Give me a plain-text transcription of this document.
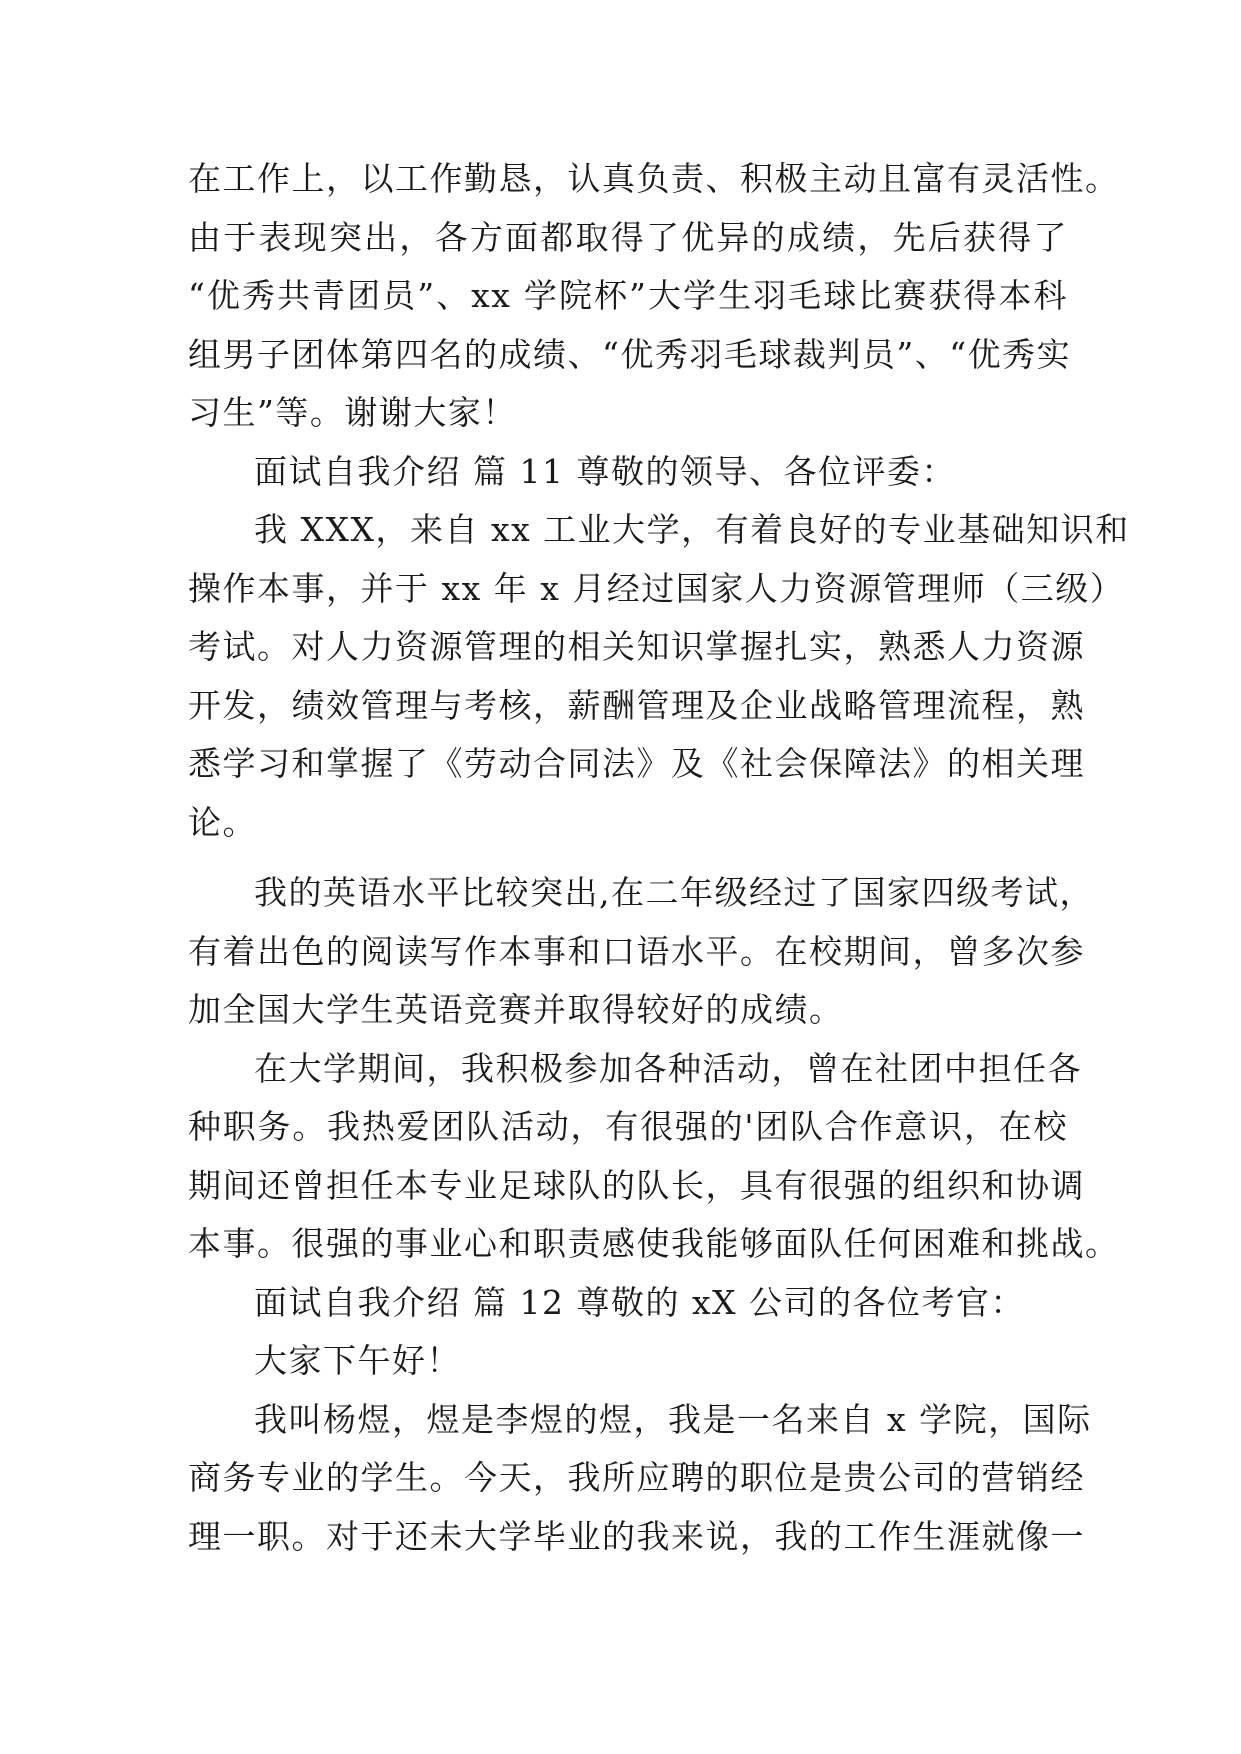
在工作上，以工作勤恳，认真负责、积极主动且富有灵活性。
由于表现突出，各方面都取得了优异的成绩，先后获得了
“优秀共青团员”、xx 学院杯”大学生羽毛球比赛获得本科
组男子团体第四名的成绩、“优秀羽毛球裁判员”、“优秀实
习生”等。谢谢大家！
面试自我介绍 篇 11 尊敬的领导、各位评委：
我 XXX，来自 xx 工业大学，有着良好的专业基础知识和
操作本事，并于 xx 年 x 月经过国家人力资源管理师（三级）
考试。对人力资源管理的相关知识掌握扎实，熟悉人力资源
开发，绩效管理与考核，薪酬管理及企业战略管理流程，熟
悉学习和掌握了《劳动合同法》及《社会保障法》的相关理
论。
我的英语水平比较突出,在二年级经过了国家四级考试，
有着出色的阅读写作本事和口语水平。在校期间，曾多次参
加全国大学生英语竞赛并取得较好的成绩。
在大学期间，我积极参加各种活动，曾在社团中担任各
种职务。我热爱团队活动，有很强的'团队合作意识，在校
期间还曾担任本专业足球队的队长，具有很强的组织和协调
本事。很强的事业心和职责感使我能够面队任何困难和挑战。
面试自我介绍 篇 12 尊敬的 xX 公司的各位考官：
大家下午好！
我叫杨煜，煜是李煜的煜，我是一名来自 x 学院，国际
商务专业的学生。今天，我所应聘的职位是贵公司的营销经
理一职。对于还未大学毕业的我来说，我的工作生涯就像一
